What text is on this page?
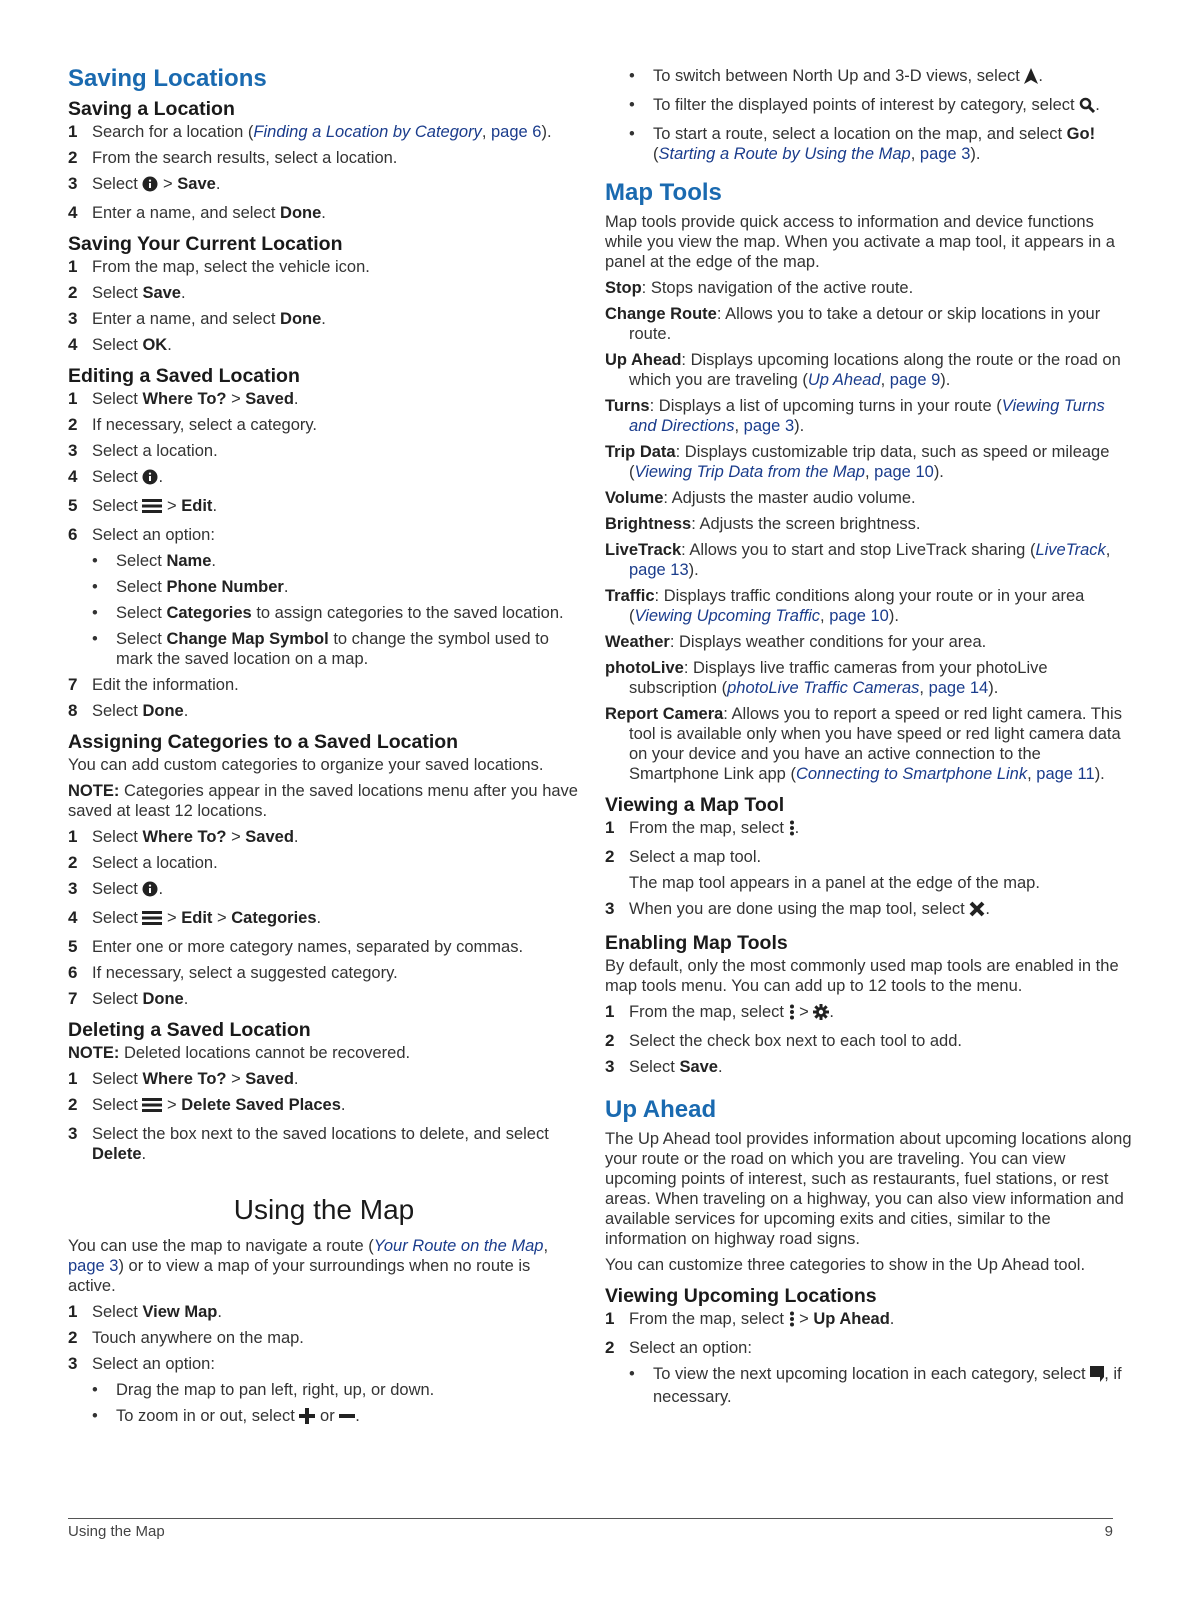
Saving Locations

Saving a Location

1 Search for a location (Finding a Location by Category, page 6).
2 From the search results, select a location.
3 Select  > Save.
4 Enter a name, and select Done.

Saving Your Current Location

1 From the map, select the vehicle icon.
2 Select Save.
3 Enter a name, and select Done.
4 Select OK.

Editing a Saved Location

1 Select Where To? > Saved.
2 If necessary, select a category.
3 Select a location.
4 Select .
5 Select  > Edit.
6 Select an option:
•
Select Name.
•
Select Phone Number.
•
Select Categories to assign categories to the saved location.
•
Select Change Map Symbol to change the symbol used to mark the saved location on a map.
7 Edit the information.
8 Select Done.

Assigning Categories to a Saved Location

You can add custom categories to organize your saved locations.

NOTE: Categories appear in the saved locations menu after you have saved at least 12 locations.

1 Select Where To? > Saved.
2 Select a location.
3 Select .
4 Select  > Edit > Categories.
5 Enter one or more category names, separated by commas.
6 If necessary, select a suggested category.
7 Select Done.

Deleting a Saved Location

NOTE: Deleted locations cannot be recovered.

1 Select Where To? > Saved.
2 Select  > Delete Saved Places.
3 Select the box next to the saved locations to delete, and select Delete.

Using the Map

You can use the map to navigate a route (Your Route on the Map, page 3) or to view a map of your surroundings when no route is active.

1 Select View Map.
2 Touch anywhere on the map.
3 Select an option:
•
Drag the map to pan left, right, up, or down.
•
To zoom in or out, select or .
•
To switch between North Up and 3-D views, select .
•
To filter the displayed points of interest by category, select .
•
To start a route, select a location on the map, and select Go! (Starting a Route by Using the Map, page 3).

Map Tools

Map tools provide quick access to information and device functions while you view the map. When you activate a map tool, it appears in a panel at the edge of the map.

Stop: Stops navigation of the active route.

Change Route: Allows you to take a detour or skip locations in your route.

Up Ahead: Displays upcoming locations along the route or the road on which you are traveling (Up Ahead, page 9).

Turns: Displays a list of upcoming turns in your route (Viewing Turns and Directions, page 3).

Trip Data: Displays customizable trip data, such as speed or mileage (Viewing Trip Data from the Map, page 10).

Volume: Adjusts the master audio volume.

Brightness: Adjusts the screen brightness.

LiveTrack: Allows you to start and stop LiveTrack sharing (LiveTrack, page 13).

Traffic: Displays traffic conditions along your route or in your area (Viewing Upcoming Traffic, page 10).

Weather: Displays weather conditions for your area.

photoLive: Displays live traffic cameras from your photoLive subscription (photoLive Traffic Cameras, page 14).

Report Camera: Allows you to report a speed or red light camera. This tool is available only when you have speed or red light camera data on your device and you have an active connection to the Smartphone Link app (Connecting to Smartphone Link, page 11).

Viewing a Map Tool

1 From the map, select .
2 Select a map tool.
The map tool appears in a panel at the edge of the map.
3 When you are done using the map tool, select .

Enabling Map Tools

By default, only the most commonly used map tools are enabled in the map tools menu. You can add up to 12 tools to the menu.

1 From the map, select  > .
2 Select the check box next to each tool to add.
3 Select Save.

Up Ahead

The Up Ahead tool provides information about upcoming locations along your route or the road on which you are traveling. You can view upcoming points of interest, such as restaurants, fuel stations, or rest areas. When traveling on a highway, you can also view information and available services for upcoming exits and cities, similar to the information on highway road signs.

You can customize three categories to show in the Up Ahead tool.

Viewing Upcoming Locations

1 From the map, select  > Up Ahead.
2 Select an option:
•
To view the next upcoming location in each category, select , if necessary.
Using the Map	9
